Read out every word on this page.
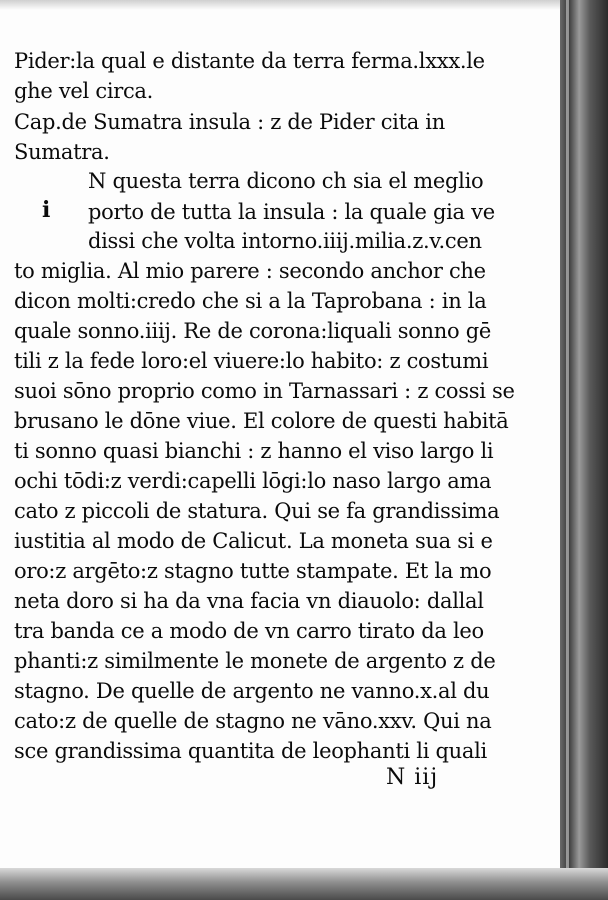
Pider:la qual e distante da terra ferma.lxxx.le
ghe vel circa.
Cap.de Sumatra insula : z de Pider cita in
Sumatra.
N questa terra dicono ch sia el meglio
porto de tutta la insula : la quale gia ve
dissi che volta intorno.iiij.milia.z.v.cen
to miglia. Al mio parere : secondo anchor che
dicon molti:credo che si a la Taprobana : in la
quale sonno.iiij. Re de corona:liquali sonno gē
tili z la fede loro:el viuere:lo habito: z costumi
suoi sōno proprio como in Tarnassari : z cossi se
brusano le dōne viue. El colore de questi habitā
ti sonno quasi bianchi : z hanno el viso largo li
ochi tōdi:z verdi:capelli lōgi:lo naso largo ama
cato z piccoli de statura. Qui se fa grandissima
iustitia al modo de Calicut. La moneta sua si e
oro:z argēto:z stagno tutte stampate. Et la mo
neta doro si ha da vna facia vn diauolo: dallal
tra banda ce a modo de vn carro tirato da leo
phanti:z similmente le monete de argento z de
stagno. De quelle de argento ne vanno.x.al du
cato:z de quelle de stagno ne vāno.xxv. Qui na
sce grandissima quantita de leophanti li quali
i
N iij
